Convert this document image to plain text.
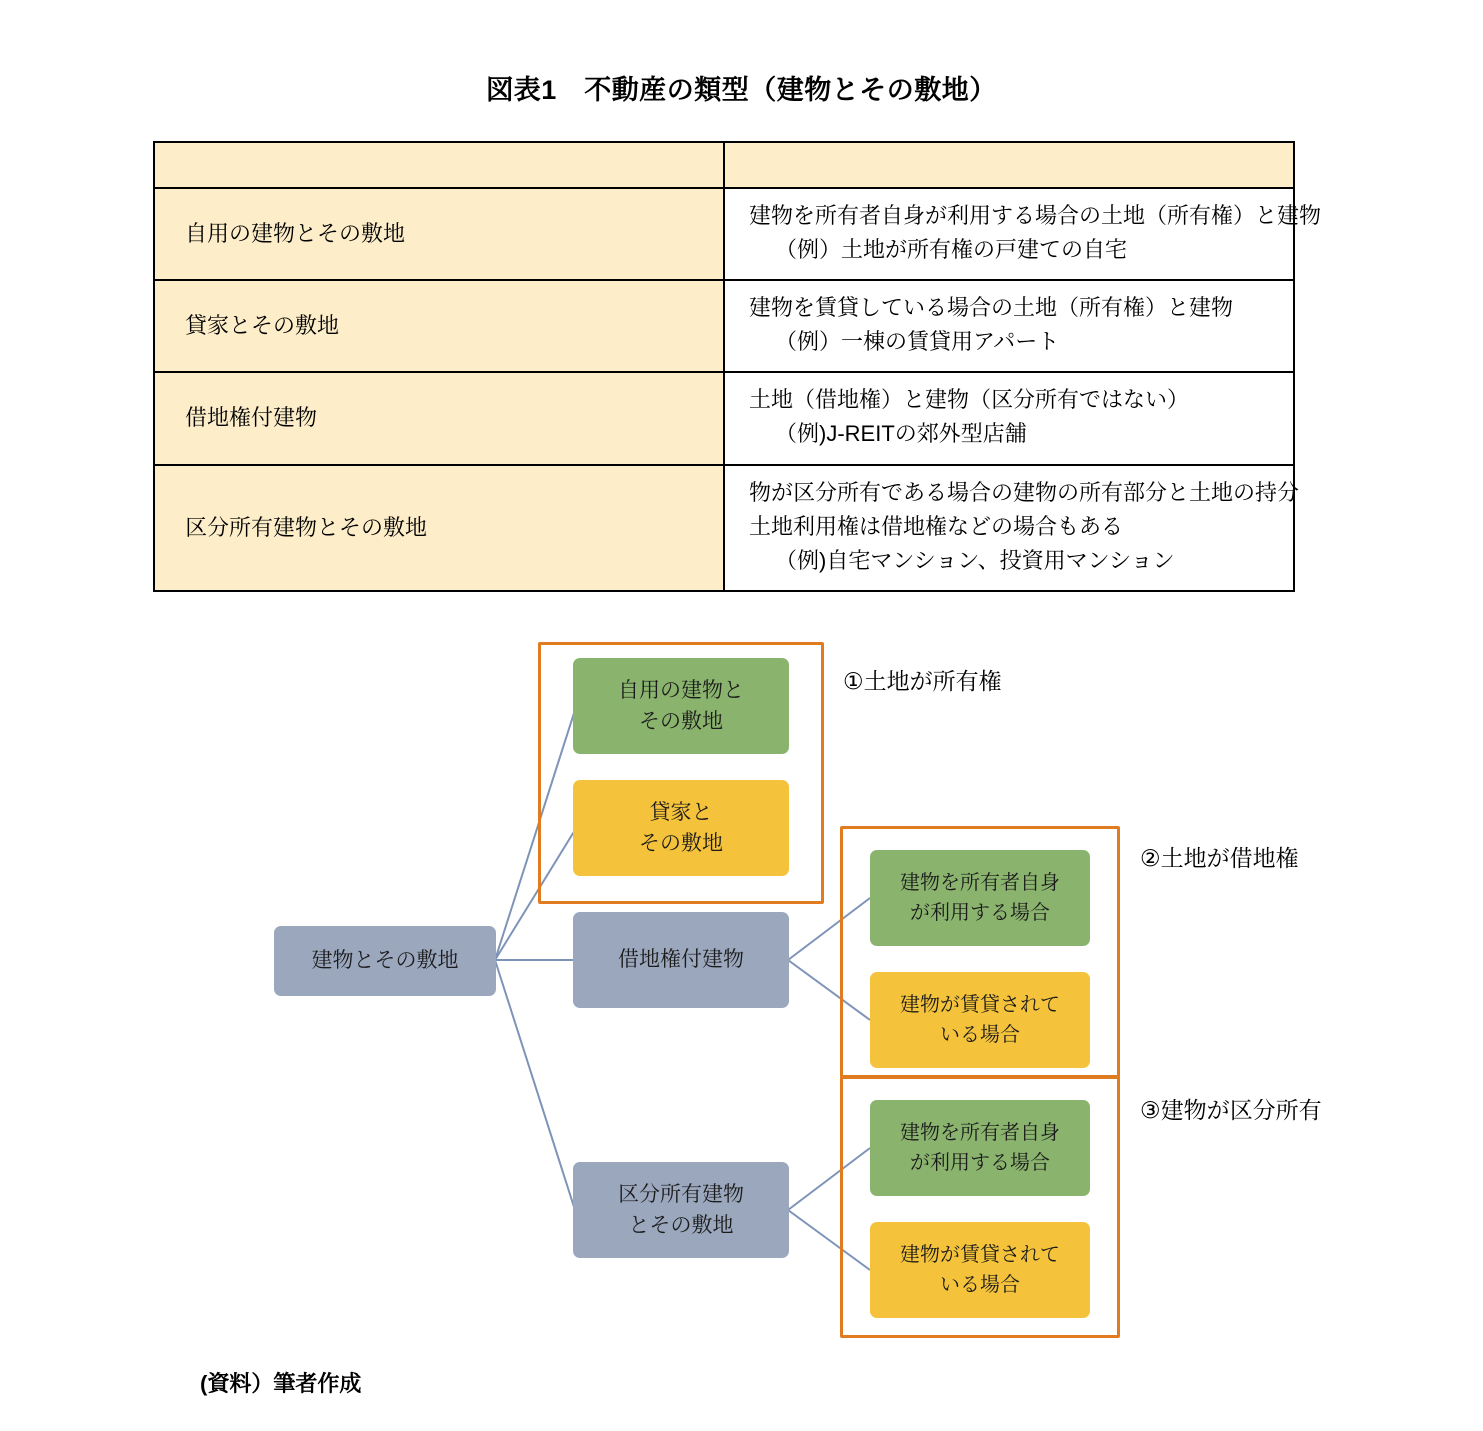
図表1　不動産の類型（建物とその敷地）

自用の建物とその敷地	建物を所有者自身が利用する場合の土地（所有権）と建物
（例）土地が所有権の戸建ての自宅

貸家とその敷地	建物を賃貸している場合の土地（所有権）と建物
（例）一棟の賃貸用アパート

借地権付建物	土地（借地権）と建物（区分所有ではない）
（例)J-REITの郊外型店舗

区分所有建物とその敷地	物が区分所有である場合の建物の所有部分と土地の持分
土地利用権は借地権などの場合もある
（例)自宅マンション、投資用マンション
建物とその敷地
自用の建物と
その敷地
貸家と
その敷地
借地権付建物
区分所有建物
とその敷地
建物を所有者自身
が利用する場合
建物が賃貸されて
いる場合
建物を所有者自身
が利用する場合
建物が賃貸されて
いる場合
①土地が所有権
②土地が借地権
③建物が区分所有
(資料）筆者作成
